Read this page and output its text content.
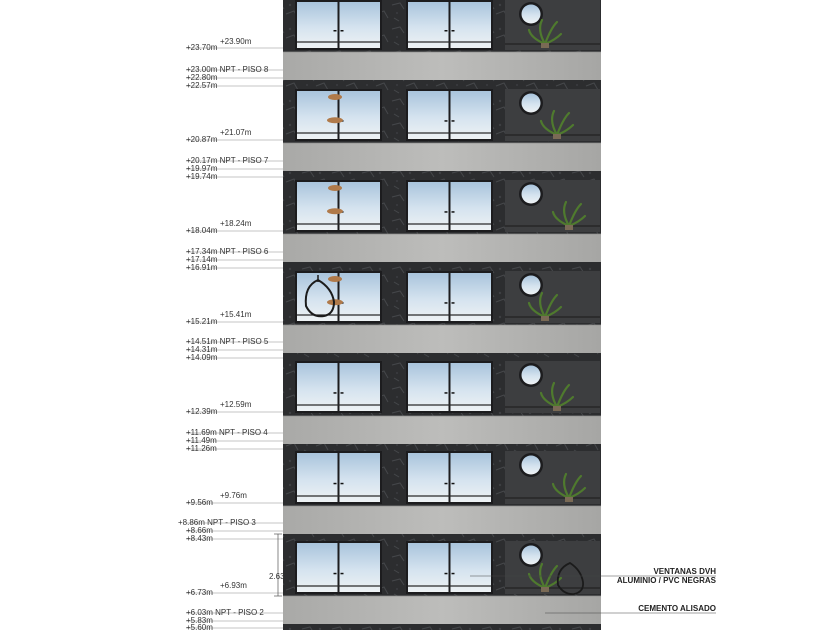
+23.70m
+23.90m
+23.00m NPT - PISO 8
+22.80m
+22.57m
+20.87m
+21.07m
+20.17m NPT - PISO 7
+19.97m
+19.74m
+18.04m
+18.24m
+17.34m NPT - PISO 6
+17.14m
+16.91m
+15.21m
+15.41m
+14.51m NPT - PISO 5
+14.31m
+14.09m
+12.39m
+12.59m
+11.69m NPT - PISO 4
+11.49m
+11.26m
+9.56m
+9.76m
+8.86m NPT - PISO 3
+8.66m
+8.43m
+6.73m
+6.93m
+6.03m NPT - PISO 2
+5.83m
+5.60m
2.63
VENTANAS DVH
ALUMINIO / PVC NEGRAS
CEMENTO ALISADO
